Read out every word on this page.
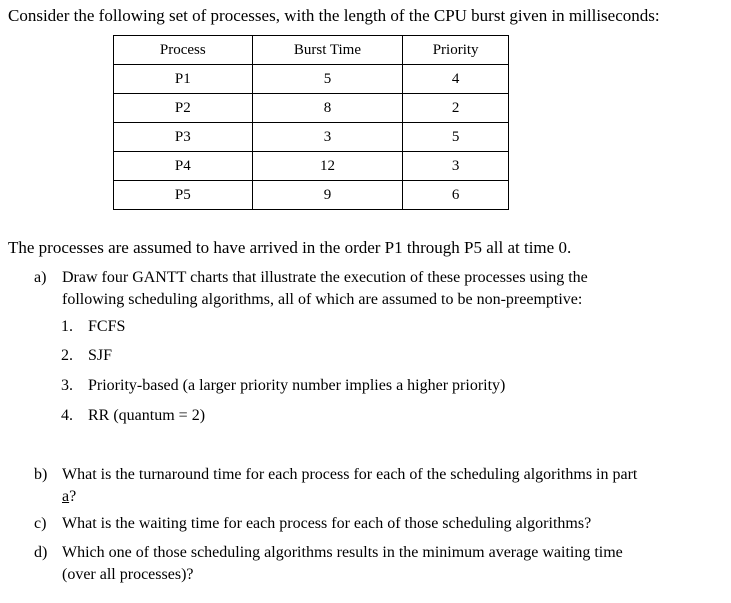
Consider the following set of processes, with the length of the CPU burst given in milliseconds:
Process	Burst Time	Priority
P1	5	4
P2	8	2
P3	3	5
P4	12	3
P5	9	6
The processes are assumed to have arrived in the order P1 through P5 all at time 0.
a) Draw four GANTT charts that illustrate the execution of these processes using the
following scheduling algorithms, all of which are assumed to be non-preemptive:
1. FCFS
2. SJF
3. Priority-based (a larger priority number implies a higher priority)
4. RR (quantum = 2)
b) What is the turnaround time for each process for each of the scheduling algorithms in part
a?
c) What is the waiting time for each process for each of those scheduling algorithms?
d) Which one of those scheduling algorithms results in the minimum average waiting time
(over all processes)?
